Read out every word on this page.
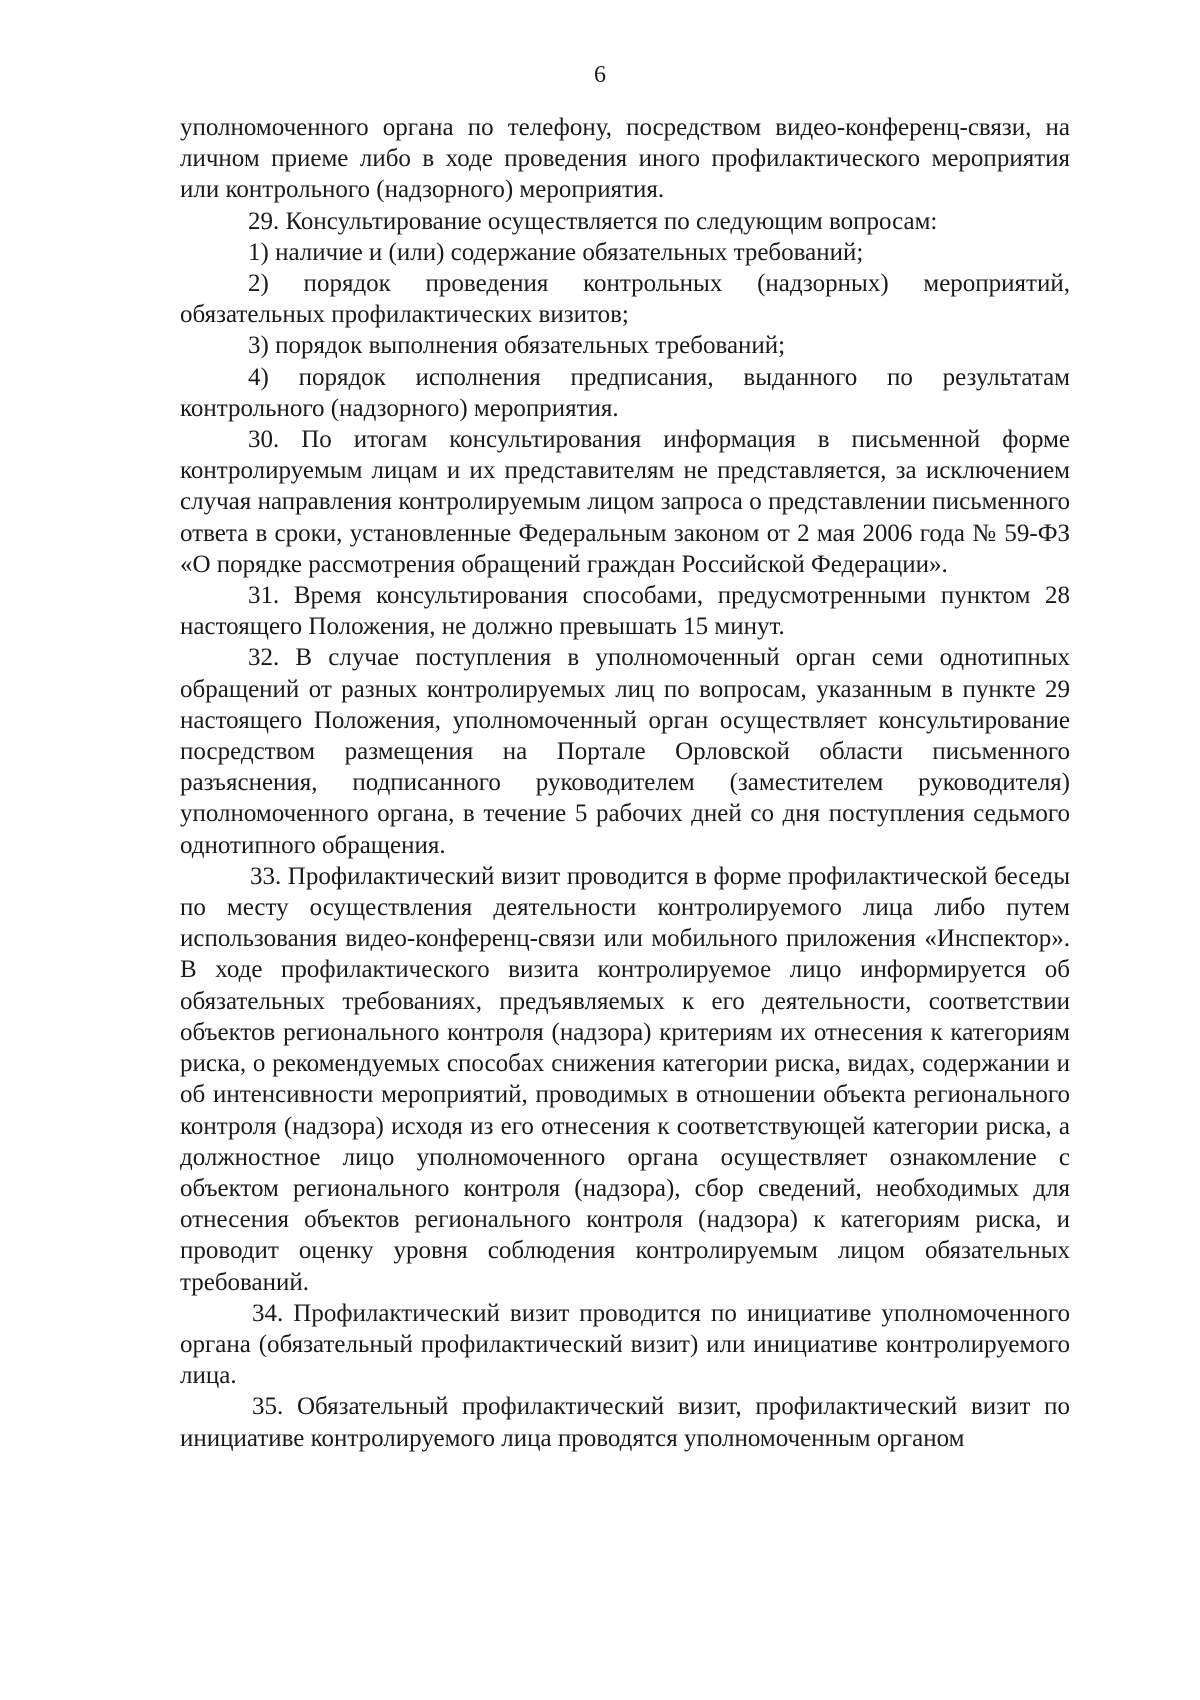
6

уполномоченного органа по телефону, посредством видео-конференц-связи, на личном приеме либо в ходе проведения иного профилактического мероприятия или контрольного (надзорного) мероприятия.

29. Консультирование осуществляется по следующим вопросам:

1) наличие и (или) содержание обязательных требований;

2) порядок проведения контрольных (надзорных) мероприятий, обязательных профилактических визитов;

3) порядок выполнения обязательных требований;

4) порядок исполнения предписания, выданного по результатам контрольного (надзорного) мероприятия.

30. По итогам консультирования информация в письменной форме контролируемым лицам и их представителям не представляется, за исключением случая направления контролируемым лицом запроса о представлении письменного ответа в сроки, установленные Федеральным законом от 2 мая 2006 года № 59-ФЗ «О порядке рассмотрения обращений граждан Российской Федерации».

31. Время консультирования способами, предусмотренными пунктом 28 настоящего Положения, не должно превышать 15 минут.

32. В случае поступления в уполномоченный орган семи однотипных обращений от разных контролируемых лиц по вопросам, указанным в пункте 29 настоящего Положения, уполномоченный орган осуществляет консультирование посредством размещения на Портале Орловской области письменного разъяснения, подписанного руководителем (заместителем руководителя) уполномоченного органа, в течение 5 рабочих дней со дня поступления седьмого однотипного обращения.

33. Профилактический визит проводится в форме профилактической беседы по месту осуществления деятельности контролируемого лица либо путем использования видео-конференц-связи или мобильного приложения «Инспектор». В ходе профилактического визита контролируемое лицо информируется об обязательных требованиях, предъявляемых к его деятельности, соответствии объектов регионального контроля (надзора) критериям их отнесения к категориям риска, о рекомендуемых способах снижения категории риска, видах, содержании и об интенсивности мероприятий, проводимых в отношении объекта регионального контроля (надзора) исходя из его отнесения к соответствующей категории риска, а должностное лицо уполномоченного органа осуществляет ознакомление с объектом регионального контроля (надзора), сбор сведений, необходимых для отнесения объектов регионального контроля (надзора) к категориям риска, и проводит оценку уровня соблюдения контролируемым лицом обязательных требований.

34. Профилактический визит проводится по инициативе уполномоченного органа (обязательный профилактический визит) или инициативе контролируемого лица.

35. Обязательный профилактический визит, профилактический визит по инициативе контролируемого лица проводятся уполномоченным органом
